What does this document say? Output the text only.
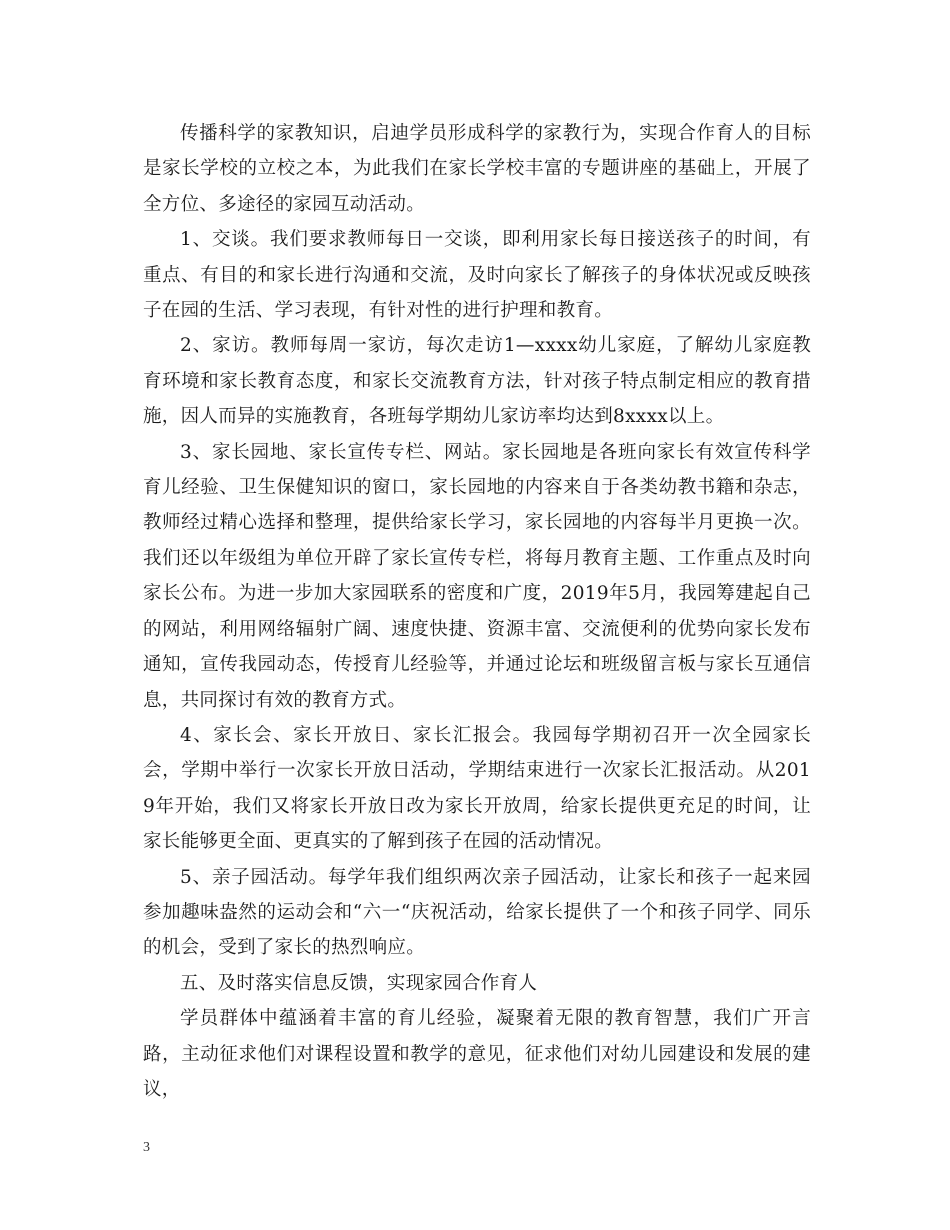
传播科学的家教知识，启迪学员形成科学的家教行为，实现合作育人的目标是家长学校的立校之本，为此我们在家长学校丰富的专题讲座的基础上，开展了全方位、多途径的家园互动活动。

1、交谈。我们要求教师每日一交谈，即利用家长每日接送孩子的时间，有重点、有目的和家长进行沟通和交流，及时向家长了解孩子的身体状况或反映孩子在园的生活、学习表现，有针对性的进行护理和教育。

2、家访。教师每周一家访，每次走访1—xxxx幼儿家庭，了解幼儿家庭教育环境和家长教育态度，和家长交流教育方法，针对孩子特点制定相应的教育措施，因人而异的实施教育，各班每学期幼儿家访率均达到8xxxx以上。

3、家长园地、家长宣传专栏、网站。家长园地是各班向家长有效宣传科学育儿经验、卫生保健知识的窗口，家长园地的内容来自于各类幼教书籍和杂志，教师经过精心选择和整理，提供给家长学习，家长园地的内容每半月更换一次。我们还以年级组为单位开辟了家长宣传专栏，将每月教育主题、工作重点及时向家长公布。为进一步加大家园联系的密度和广度，2019年5月，我园筹建起自己的网站，利用网络辐射广阔、速度快捷、资源丰富、交流便利的优势向家长发布通知，宣传我园动态，传授育儿经验等，并通过论坛和班级留言板与家长互通信息，共同探讨有效的教育方式。

4、家长会、家长开放日、家长汇报会。我园每学期初召开一次全园家长会，学期中举行一次家长开放日活动，学期结束进行一次家长汇报活动。从2019年开始，我们又将家长开放日改为家长开放周，给家长提供更充足的时间，让家长能够更全面、更真实的了解到孩子在园的活动情况。

5、亲子园活动。每学年我们组织两次亲子园活动，让家长和孩子一起来园参加趣味盎然的运动会和“六一“庆祝活动，给家长提供了一个和孩子同学、同乐的机会，受到了家长的热烈响应。

五、及时落实信息反馈，实现家园合作育人

学员群体中蕴涵着丰富的育儿经验，凝聚着无限的教育智慧，我们广开言路，主动征求他们对课程设置和教学的意见，征求他们对幼儿园建设和发展的建议，

3
